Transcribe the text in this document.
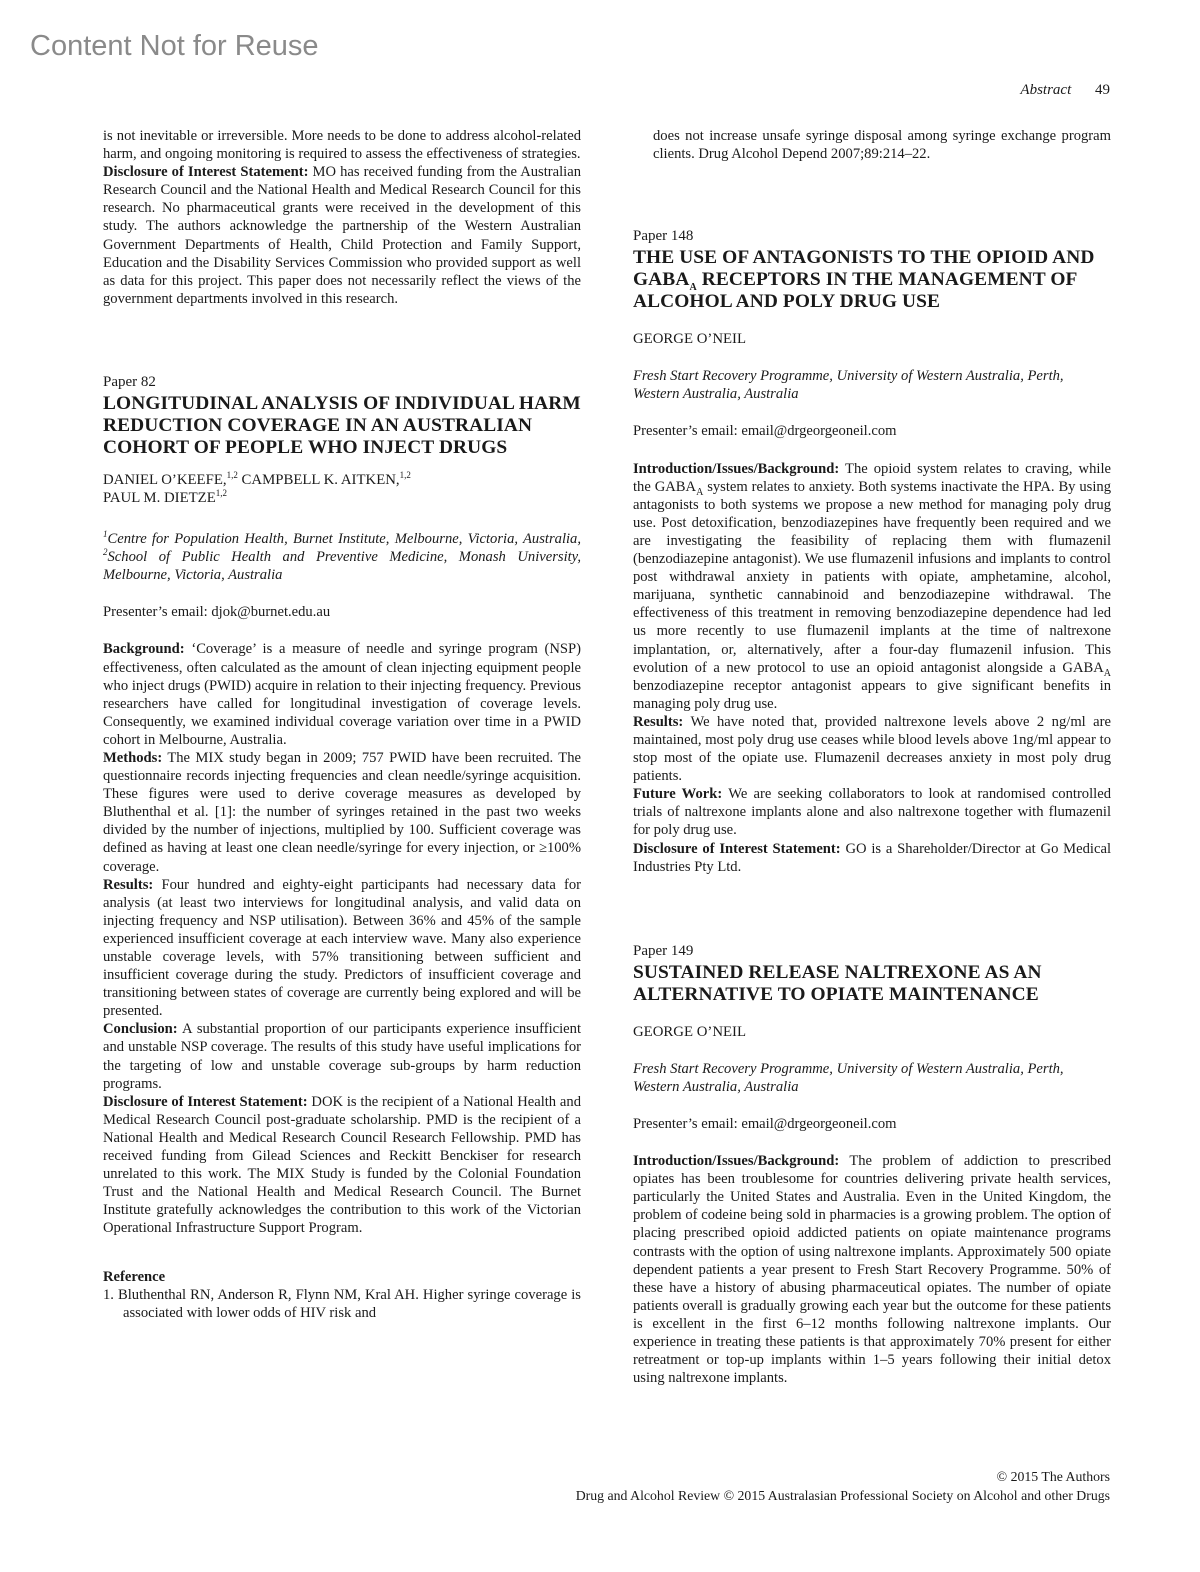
Content Not for Reuse
Abstract 49

is not inevitable or irreversible. More needs to be done to address alcohol-related harm, and ongoing monitoring is required to assess the effectiveness of strategies.

Disclosure of Interest Statement: MO has received funding from the Australian Research Council and the National Health and Medical Research Council for this research. No pharmaceutical grants were received in the development of this study. The authors acknowledge the partnership of the Western Australian Government Departments of Health, Child Protection and Family Support, Education and the Disability Services Commission who provided support as well as data for this project. This paper does not necessarily reflect the views of the government departments involved in this research.

Paper 82

LONGITUDINAL ANALYSIS OF INDIVIDUAL HARM REDUCTION COVERAGE IN AN AUSTRALIAN COHORT OF PEOPLE WHO INJECT DRUGS

DANIEL O’KEEFE,$^{1,2}$ CAMPBELL K. AITKEN,$^{1,2}$
PAUL M. DIETZE$^{1,2}$

$^1$Centre for Population Health, Burnet Institute, Melbourne, Victoria, Australia, $^2$School of Public Health and Preventive Medicine, Monash University, Melbourne, Victoria, Australia

Presenter’s email: djok@burnet.edu.au

Background: ‘Coverage’ is a measure of needle and syringe program (NSP) effectiveness, often calculated as the amount of clean injecting equipment people who inject drugs (PWID) acquire in relation to their injecting frequency. Previous researchers have called for longitudinal investigation of coverage levels. Consequently, we examined individual coverage variation over time in a PWID cohort in Melbourne, Australia.

Methods: The MIX study began in 2009; 757 PWID have been recruited. The questionnaire records injecting frequencies and clean needle/syringe acquisition. These figures were used to derive coverage measures as developed by Bluthenthal et al. [1]: the number of syringes retained in the past two weeks divided by the number of injections, multiplied by 100. Sufficient coverage was defined as having at least one clean needle/syringe for every injection, or ≥100% coverage.

Results: Four hundred and eighty-eight participants had necessary data for analysis (at least two interviews for longitudinal analysis, and valid data on injecting frequency and NSP utilisation). Between 36% and 45% of the sample experienced insufficient coverage at each interview wave. Many also experience unstable coverage levels, with 57% transitioning between sufficient and insufficient coverage during the study. Predictors of insufficient coverage and transitioning between states of coverage are currently being explored and will be presented.

Conclusion: A substantial proportion of our participants experience insufficient and unstable NSP coverage. The results of this study have useful implications for the targeting of low and unstable coverage sub-groups by harm reduction programs.

Disclosure of Interest Statement: DOK is the recipient of a National Health and Medical Research Council post-graduate scholarship. PMD is the recipient of a National Health and Medical Research Council Research Fellowship. PMD has received funding from Gilead Sciences and Reckitt Benckiser for research unrelated to this work. The MIX Study is funded by the Colonial Foundation Trust and the National Health and Medical Research Council. The Burnet Institute gratefully acknowledges the contribution to this work of the Victorian Operational Infrastructure Support Program.

Reference

1. Bluthenthal RN, Anderson R, Flynn NM, Kral AH. Higher syringe coverage is associated with lower odds of HIV risk and

does not increase unsafe syringe disposal among syringe exchange program clients. Drug Alcohol Depend 2007;89:214–22.

Paper 148

THE USE OF ANTAGONISTS TO THE OPIOID AND $GABA_A$ RECEPTORS IN THE MANAGEMENT OF ALCOHOL AND POLY DRUG USE

GEORGE O’NEIL

Fresh Start Recovery Programme, University of Western Australia, Perth, Western Australia, Australia

Presenter’s email: email@drgeorgeoneil.com

Introduction/Issues/Background: The opioid system relates to craving, while the $GABA_A$ system relates to anxiety. Both systems inactivate the HPA. By using antagonists to both systems we propose a new method for managing poly drug use. Post detoxification, benzodiazepines have frequently been required and we are investigating the feasibility of replacing them with flumazenil (benzodiazepine antagonist). We use flumazenil infusions and implants to control post withdrawal anxiety in patients with opiate, amphetamine, alcohol, marijuana, synthetic cannabinoid and benzodiazepine withdrawal. The effectiveness of this treatment in removing benzodiazepine dependence had led us more recently to use flumazenil implants at the time of naltrexone implantation, or, alternatively, after a four-day flumazenil infusion. This evolution of a new protocol to use an opioid antagonist alongside a $GABA_A$ benzodiazepine receptor antagonist appears to give significant benefits in managing poly drug use.

Results: We have noted that, provided naltrexone levels above 2 ng/ml are maintained, most poly drug use ceases while blood levels above 1ng/ml appear to stop most of the opiate use. Flumazenil decreases anxiety in most poly drug patients.

Future Work: We are seeking collaborators to look at randomised controlled trials of naltrexone implants alone and also naltrexone together with flumazenil for poly drug use.

Disclosure of Interest Statement: GO is a Shareholder/Director at Go Medical Industries Pty Ltd.

Paper 149

SUSTAINED RELEASE NALTREXONE AS AN ALTERNATIVE TO OPIATE MAINTENANCE

GEORGE O’NEIL

Fresh Start Recovery Programme, University of Western Australia, Perth, Western Australia, Australia

Presenter’s email: email@drgeorgeoneil.com

Introduction/Issues/Background: The problem of addiction to prescribed opiates has been troublesome for countries delivering private health services, particularly the United States and Australia. Even in the United Kingdom, the problem of codeine being sold in pharmacies is a growing problem. The option of placing prescribed opioid addicted patients on opiate maintenance programs contrasts with the option of using naltrexone implants. Approximately 500 opiate dependent patients a year present to Fresh Start Recovery Programme. 50% of these have a history of abusing pharmaceutical opiates. The number of opiate patients overall is gradually growing each year but the outcome for these patients is excellent in the first 6–12 months following naltrexone implants. Our experience in treating these patients is that approximately 70% present for either retreatment or top-up implants within 1–5 years following their initial detox using naltrexone implants.

© 2015 The Authors
Drug and Alcohol Review © 2015 Australasian Professional Society on Alcohol and other Drugs
